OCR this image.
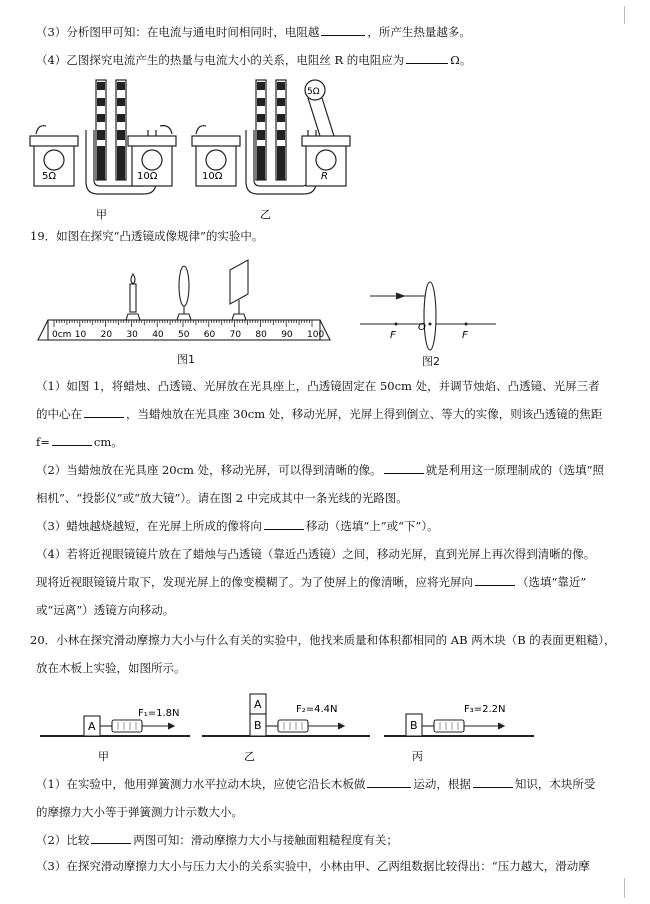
（3）分析图甲可知：在电流与通电时间相同时，电阻越	，所产生热量越多。
（4）乙图探究电流产生的热量与电流大小的关系，电阻丝 R 的电阻应为	Ω。
5Ω	10Ω	10Ω	R
5Ω
甲	乙
19．如图在探究“凸透镜成像规律”的实验中。
0cm 10 20 30 40 50 60 70 80 90 100
图1
F
O
F
图2
（1）如图 1，将蜡烛、凸透镜、光屏放在光具座上，凸透镜固定在 50cm 处，并调节烛焰、凸透镜、光屏三者
的中心在	，当蜡烛放在光具座 30cm 处，移动光屏，光屏上得到倒立、等大的实像，则该凸透镜的焦距
f=	cm。
（2）当蜡烛放在光具座 20cm 处，移动光屏，可以得到清晰的像。	就是利用这一原理制成的（选填“照
相机”、“投影仪”或“放大镜”）。请在图 2 中完成其中一条光线的光路图。
（3）蜡烛越烧越短，在光屏上所成的像将向	移动（选填“上”或“下”）。
（4）若将近视眼镜镜片放在了蜡烛与凸透镜（靠近凸透镜）之间，移动光屏，直到光屏上再次得到清晰的像。
现将近视眼镜镜片取下，发现光屏上的像变模糊了。为了使屏上的像清晰，应将光屏向	（选填“靠近”
或“远离”）透镜方向移动。
20．小林在探究滑动摩擦力大小与什么有关的实验中，他找来质量和体积都相同的 AB 两木块（B 的表面更粗糙），
放在木板上实验，如图所示。
A
F₁=1.8N
A
B
F₂=4.4N
B
F₃=2.2N
甲	乙	丙
（1）在实验中，他用弹簧测力水平拉动木块，应使它沿长木板做	运动，根据	知识，木块所受
的摩擦力大小等于弹簧测力计示数大小。
（2）比较	两图可知：滑动摩擦力大小与接触面粗糙程度有关；
（3）在探究滑动摩擦力大小与压力大小的关系实验中，小林由甲、乙两组数据比较得出：“压力越大，滑动摩
